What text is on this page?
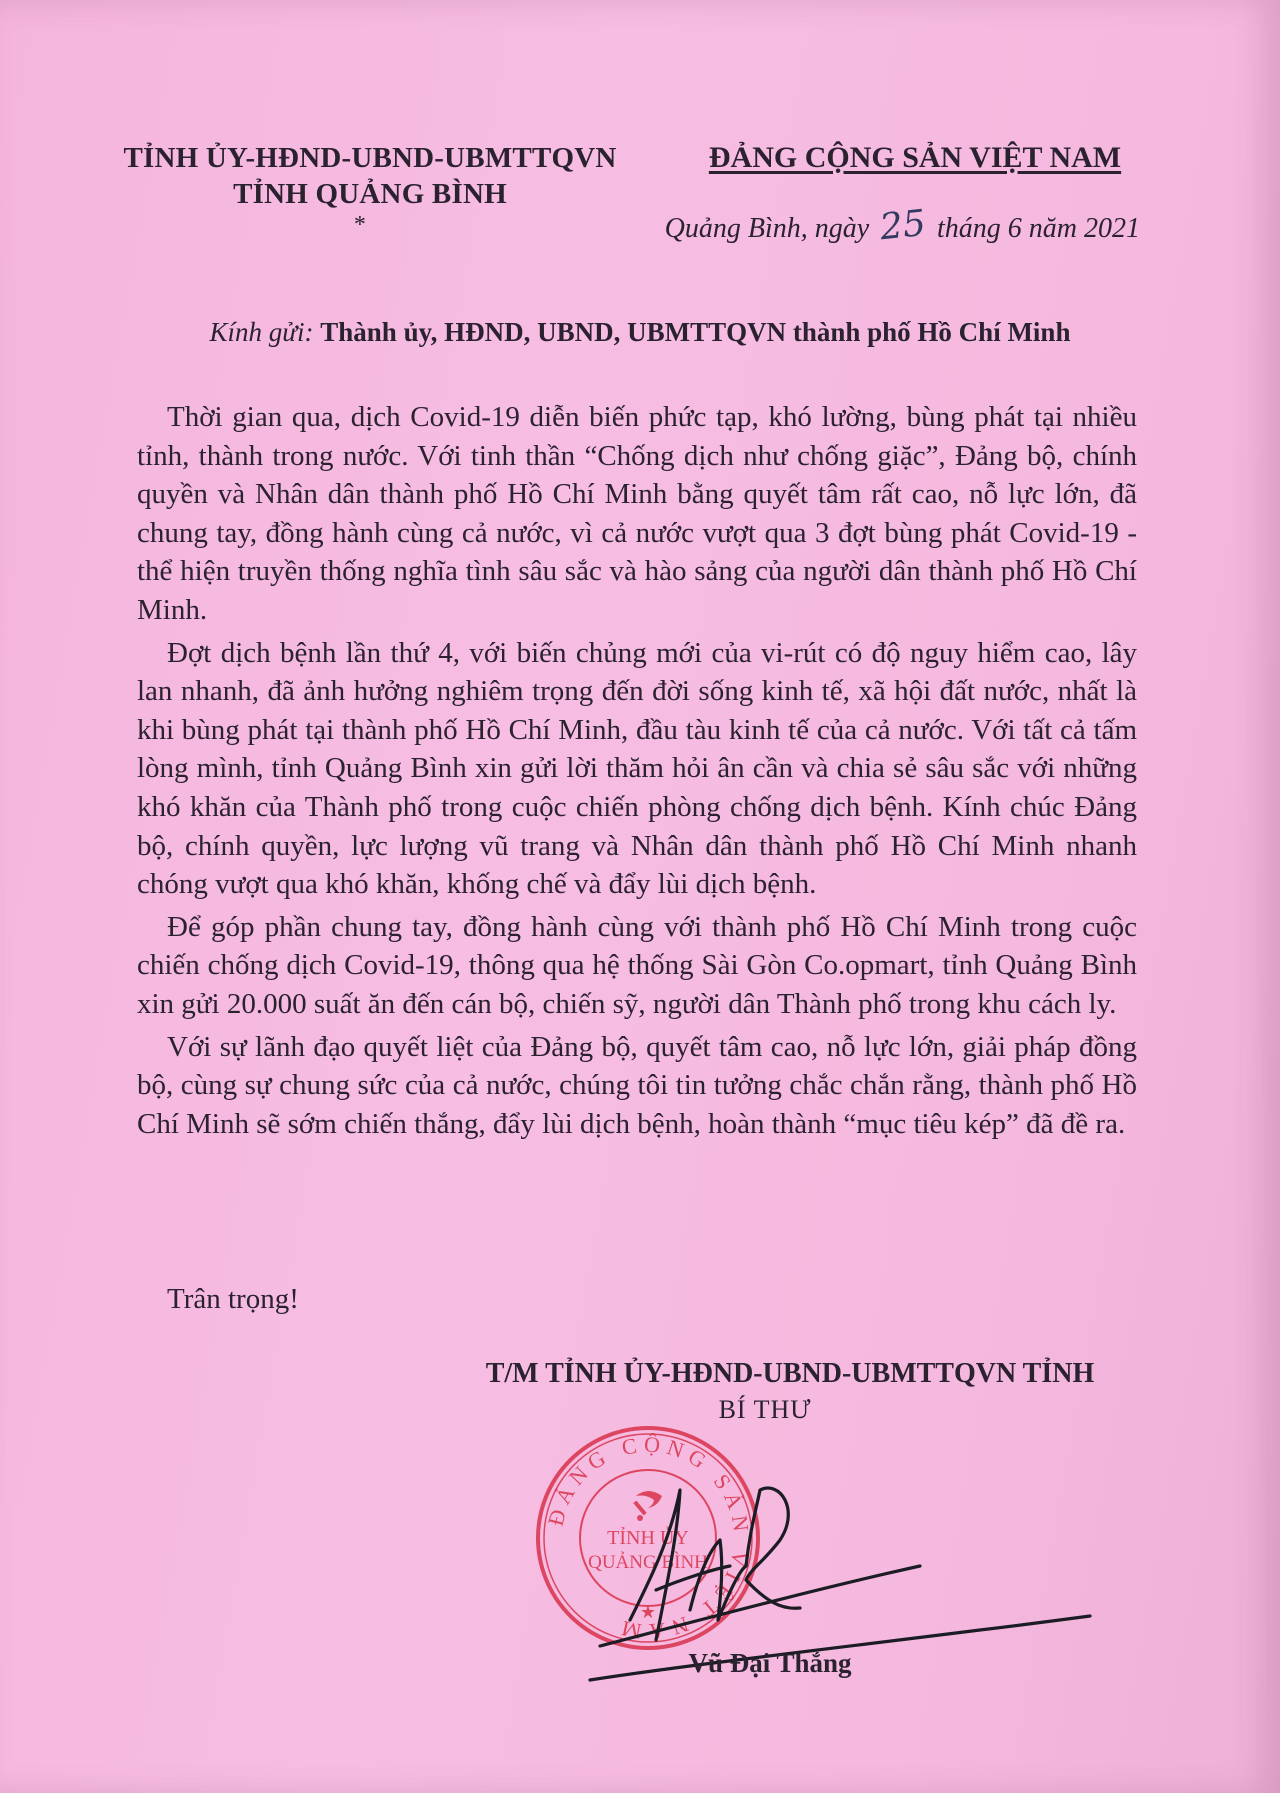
TỈNH ỦY-HĐND-UBND-UBMTTQVN
TỈNH QUẢNG BÌNH
*
ĐẢNG CỘNG SẢN VIỆT NAM
Quảng Bình, ngày 25 tháng 6 năm 2021
Kính gửi: Thành ủy, HĐND, UBND, UBMTTQVN thành phố Hồ Chí Minh

Thời gian qua, dịch Covid-19 diễn biến phức tạp, khó lường, bùng phát tại nhiều tỉnh, thành trong nước. Với tinh thần “Chống dịch như chống giặc”, Đảng bộ, chính quyền và Nhân dân thành phố Hồ Chí Minh bằng quyết tâm rất cao, nỗ lực lớn, đã chung tay, đồng hành cùng cả nước, vì cả nước vượt qua 3 đợt bùng phát Covid-19 - thể hiện truyền thống nghĩa tình sâu sắc và hào sảng của người dân thành phố Hồ Chí Minh.

Đợt dịch bệnh lần thứ 4, với biến chủng mới của vi-rút có độ nguy hiểm cao, lây lan nhanh, đã ảnh hưởng nghiêm trọng đến đời sống kinh tế, xã hội đất nước, nhất là khi bùng phát tại thành phố Hồ Chí Minh, đầu tàu kinh tế của cả nước. Với tất cả tấm lòng mình, tỉnh Quảng Bình xin gửi lời thăm hỏi ân cần và chia sẻ sâu sắc với những khó khăn của Thành phố trong cuộc chiến phòng chống dịch bệnh. Kính chúc Đảng bộ, chính quyền, lực lượng vũ trang và Nhân dân thành phố Hồ Chí Minh nhanh chóng vượt qua khó khăn, khống chế và đẩy lùi dịch bệnh.

Để góp phần chung tay, đồng hành cùng với thành phố Hồ Chí Minh trong cuộc chiến chống dịch Covid-19, thông qua hệ thống Sài Gòn Co.opmart, tỉnh Quảng Bình xin gửi 20.000 suất ăn đến cán bộ, chiến sỹ, người dân Thành phố trong khu cách ly.

Với sự lãnh đạo quyết liệt của Đảng bộ, quyết tâm cao, nỗ lực lớn, giải pháp đồng bộ, cùng sự chung sức của cả nước, chúng tôi tin tưởng chắc chắn rằng, thành phố Hồ Chí Minh sẽ sớm chiến thắng, đẩy lùi dịch bệnh, hoàn thành “mục tiêu kép” đã đề ra.

Trân trọng!
T/M TỈNH ỦY-HĐND-UBND-UBMTTQVN TỈNH
BÍ THƯ
ĐẢNG CỘNG SẢN VIỆT NAM
TỈNH ỦY
QUẢNG BÌNH
★
Vũ Đại Thắng
